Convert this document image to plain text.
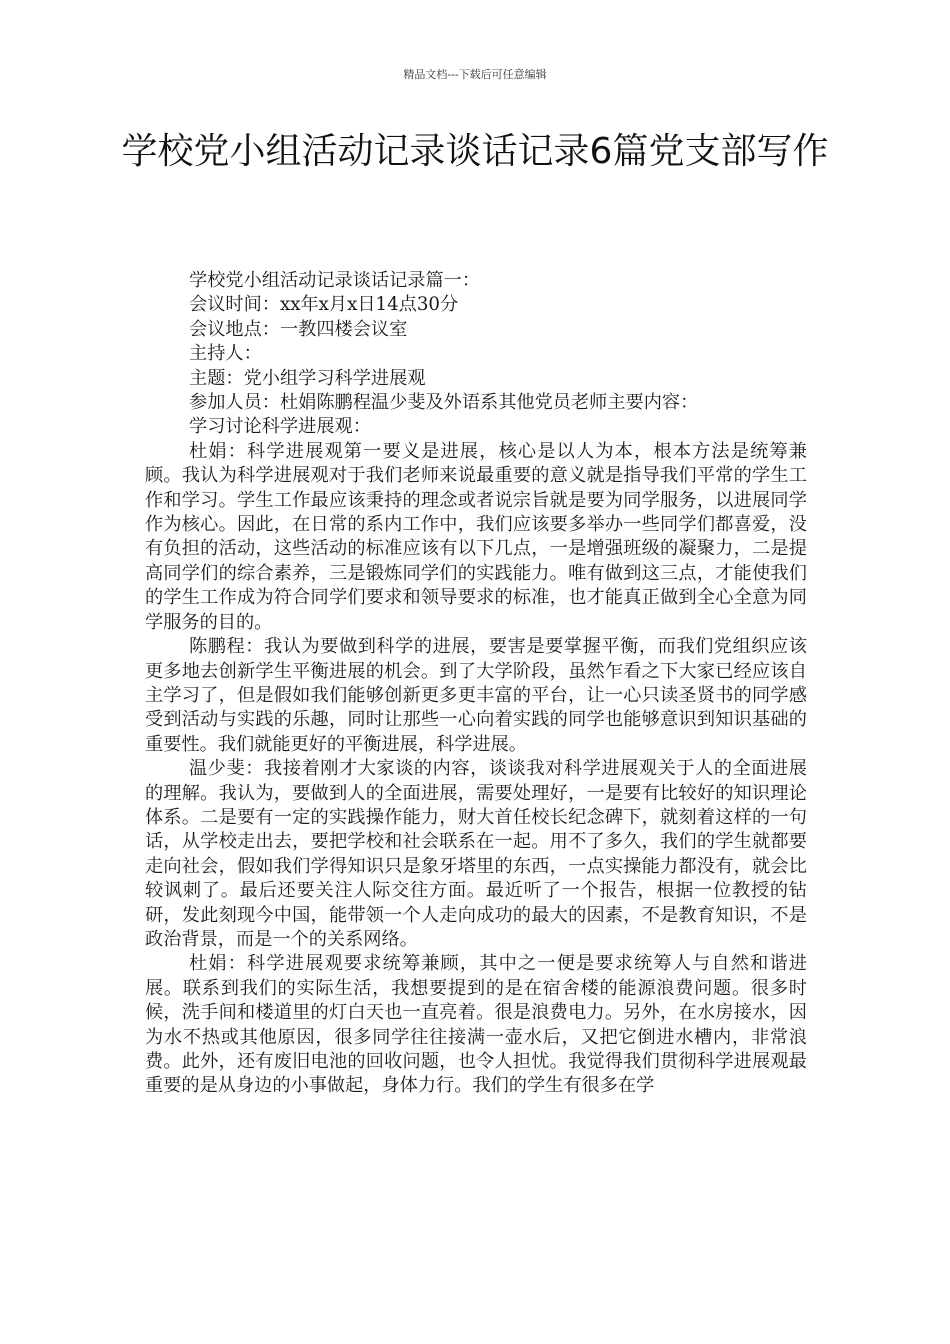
精品文档---下载后可任意编辑
学校党小组活动记录谈话记录6篇党支部写作

学校党小组活动记录谈话记录篇一：

会议时间：xx年x月x日14点30分

会议地点：一教四楼会议室

主持人：

主题：党小组学习科学进展观

参加人员：杜娟陈鹏程温少斐及外语系其他党员老师主要内容：

学习讨论科学进展观：

杜娟：科学进展观第一要义是进展，核心是以人为本，根本方法是统筹兼顾。我认为科学进展观对于我们老师来说最重要的意义就是指导我们平常的学生工作和学习。学生工作最应该秉持的理念或者说宗旨就是要为同学服务，以进展同学作为核心。因此，在日常的系内工作中，我们应该要多举办一些同学们都喜爱，没有负担的活动，这些活动的标准应该有以下几点，一是增强班级的凝聚力，二是提高同学们的综合素养，三是锻炼同学们的实践能力。唯有做到这三点，才能使我们的学生工作成为符合同学们要求和领导要求的标准，也才能真正做到全心全意为同学服务的目的。

陈鹏程：我认为要做到科学的进展，要害是要掌握平衡，而我们党组织应该更多地去创新学生平衡进展的机会。到了大学阶段，虽然乍看之下大家已经应该自主学习了，但是假如我们能够创新更多更丰富的平台，让一心只读圣贤书的同学感受到活动与实践的乐趣，同时让那些一心向着实践的同学也能够意识到知识基础的重要性。我们就能更好的平衡进展，科学进展。

温少斐：我接着刚才大家谈的内容，谈谈我对科学进展观关于人的全面进展的理解。我认为，要做到人的全面进展，需要处理好，一是要有比较好的知识理论体系。二是要有一定的实践操作能力，财大首任校长纪念碑下，就刻着这样的一句话，从学校走出去，要把学校和社会联系在一起。用不了多久，我们的学生就都要走向社会，假如我们学得知识只是象牙塔里的东西，一点实操能力都没有，就会比较讽刺了。最后还要关注人际交往方面。最近听了一个报告，根据一位教授的钻研，发此刻现今中国，能带领一个人走向成功的最大的因素，不是教育知识，不是政治背景，而是一个的关系网络。

杜娟：科学进展观要求统筹兼顾，其中之一便是要求统筹人与自然和谐进展。联系到我们的实际生活，我想要提到的是在宿舍楼的能源浪费问题。很多时候，洗手间和楼道里的灯白天也一直亮着。很是浪费电力。另外，在水房接水，因为水不热或其他原因，很多同学往往接满一壶水后，又把它倒进水槽内，非常浪费。此外，还有废旧电池的回收问题，也令人担忧。我觉得我们贯彻科学进展观最重要的是从身边的小事做起，身体力行。我们的学生有很多在学
